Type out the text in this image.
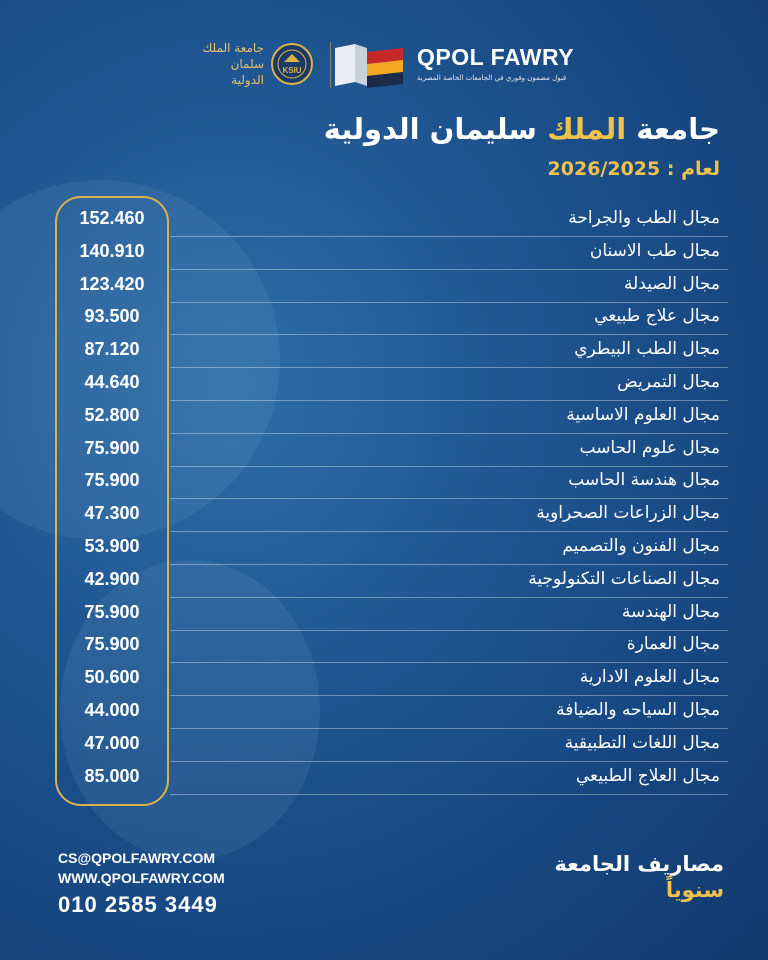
QPOL FAWRY
قبول مضمون وفوري في الجامعات الخاصة المصرية
جامعة الملك
سلمان
الدولية
KSIU
جامعة الملك سليمان الدولية
لعام : 2026/2025
مجال الطب والجراحة
152.460
مجال طب الاسنان
140.910
مجال الصيدلة
123.420
مجال علاج طبيعي
93.500
مجال الطب البيطري
87.120
مجال التمريض
44.640
مجال العلوم الاساسية
52.800
مجال علوم الحاسب
75.900
مجال هندسة الحاسب
75.900
مجال الزراعات الصحراوية
47.300
مجال الفنون والتصميم
53.900
مجال الصناعات التكنولوجية
42.900
مجال الهندسة
75.900
مجال العمارة
75.900
مجال العلوم الادارية
50.600
مجال السياحه والضيافة
44.000
مجال اللغات التطبيقية
47.000
مجال العلاج الطبيعي
85.000
CS@QPOLFAWRY.COM
WWW.QPOLFAWRY.COM
010 2585 3449
مصاريف الجامعة
سنوياً
